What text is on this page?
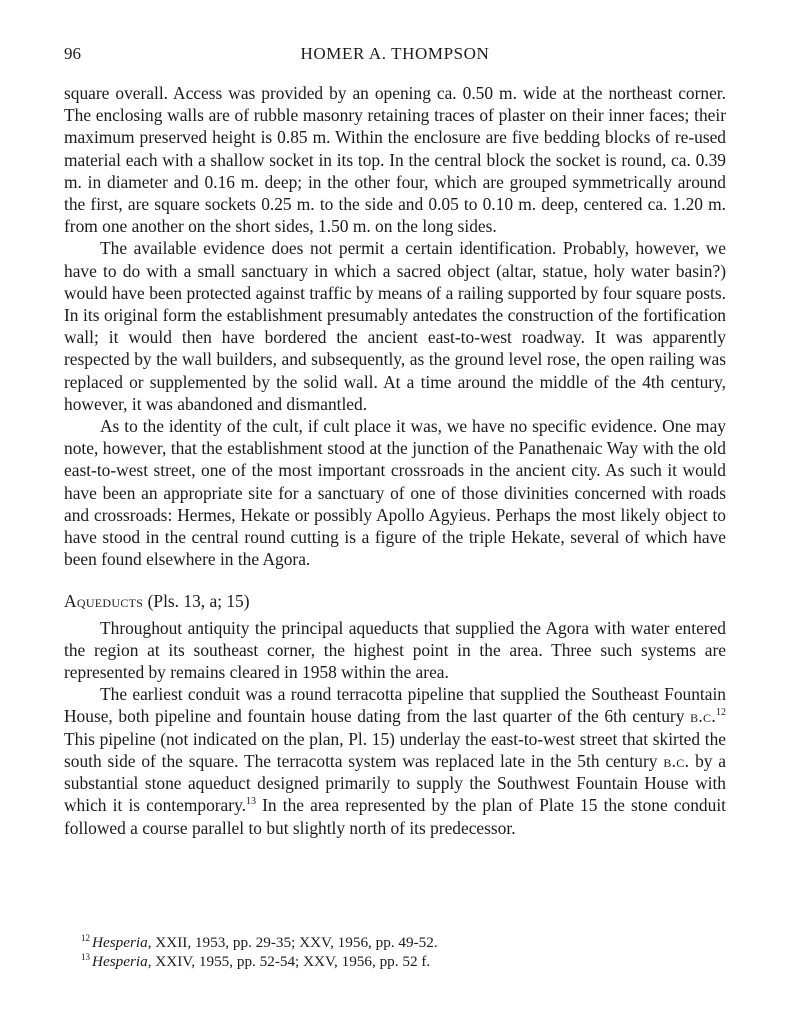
96	HOMER A. THOMPSON

square overall. Access was provided by an opening ca. 0.50 m. wide at the northeast corner. The enclosing walls are of rubble masonry retaining traces of plaster on their inner faces; their maximum preserved height is 0.85 m. Within the enclosure are five bedding blocks of re-used material each with a shallow socket in its top. In the central block the socket is round, ca. 0.39 m. in diameter and 0.16 m. deep; in the other four, which are grouped symmetrically around the first, are square sockets 0.25 m. to the side and 0.05 to 0.10 m. deep, centered ca. 1.20 m. from one another on the short sides, 1.50 m. on the long sides.

The available evidence does not permit a certain identification. Probably, however, we have to do with a small sanctuary in which a sacred object (altar, statue, holy water basin?) would have been protected against traffic by means of a railing supported by four square posts. In its original form the establishment presumably antedates the construction of the fortification wall; it would then have bordered the ancient east-to-west roadway. It was apparently respected by the wall builders, and subsequently, as the ground level rose, the open railing was replaced or supplemented by the solid wall. At a time around the middle of the 4th century, however, it was abandoned and dismantled.

As to the identity of the cult, if cult place it was, we have no specific evidence. One may note, however, that the establishment stood at the junction of the Panathenaic Way with the old east-to-west street, one of the most important crossroads in the ancient city. As such it would have been an appropriate site for a sanctuary of one of those divinities concerned with roads and crossroads: Hermes, Hekate or possibly Apollo Agyieus. Perhaps the most likely object to have stood in the central round cutting is a figure of the triple Hekate, several of which have been found elsewhere in the Agora.

Aqueducts (Pls. 13, a; 15)

Throughout antiquity the principal aqueducts that supplied the Agora with water entered the region at its southeast corner, the highest point in the area. Three such systems are represented by remains cleared in 1958 within the area.

The earliest conduit was a round terracotta pipeline that supplied the Southeast Fountain House, both pipeline and fountain house dating from the last quarter of the 6th century b.c.$^{12}$ This pipeline (not indicated on the plan, Pl. 15) underlay the east-to-west street that skirted the south side of the square. The terracotta system was replaced late in the 5th century b.c. by a substantial stone aqueduct designed primarily to supply the Southwest Fountain House with which it is contemporary.$^{13}$ In the area represented by the plan of Plate 15 the stone conduit followed a course parallel to but slightly north of its predecessor.

$^{12}$ Hesperia, XXII, 1953, pp. 29-35; XXV, 1956, pp. 49-52.

$^{13}$ Hesperia, XXIV, 1955, pp. 52-54; XXV, 1956, pp. 52 f.
